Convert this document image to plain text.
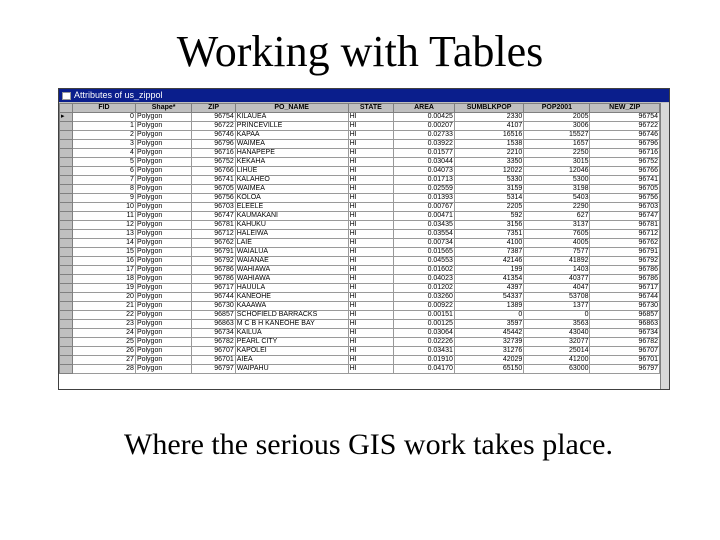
Working with Tables
Attributes of us_zippol
	FID	Shape*	ZIP	PO_NAME	STATE	AREA	SUMBLKPOP	POP2001	NEW_ZIP
▸	0	Polygon	96754	KILAUEA	HI	0.00425	2330	2005	96754
	1	Polygon	96722	PRINCEVILLE	HI	0.00207	4107	3006	96722
	2	Polygon	96746	KAPAA	HI	0.02733	16516	15527	96746
	3	Polygon	96796	WAIMEA	HI	0.03922	1538	1657	96796
	4	Polygon	96716	HANAPEPE	HI	0.01577	2210	2250	96716
	5	Polygon	96752	KEKAHA	HI	0.03044	3350	3015	96752
	6	Polygon	96766	LIHUE	HI	0.04073	12022	12046	96766
	7	Polygon	96741	KALAHEO	HI	0.01713	5330	5300	96741
	8	Polygon	96705	WAIMEA	HI	0.02559	3159	3198	96705
	9	Polygon	96756	KOLOA	HI	0.01393	5314	5403	96756
	10	Polygon	96703	ELEELE	HI	0.00767	2205	2290	96703
	11	Polygon	96747	KAUMAKANI	HI	0.00471	592	627	96747
	12	Polygon	96781	KAHUKU	HI	0.03435	3156	3137	96781
	13	Polygon	96712	HALEIWA	HI	0.03554	7351	7605	96712
	14	Polygon	96762	LAIE	HI	0.00734	4100	4005	96762
	15	Polygon	96791	WAIALUA	HI	0.01565	7387	7577	96791
	16	Polygon	96792	WAIANAE	HI	0.04553	42146	41892	96792
	17	Polygon	96786	WAHIAWA	HI	0.01602	199	1403	96786
	18	Polygon	96786	WAHIAWA	HI	0.04023	41354	40377	96786
	19	Polygon	96717	HAUULA	HI	0.01202	4397	4047	96717
	20	Polygon	96744	KANEOHE	HI	0.03260	54337	53708	96744
	21	Polygon	96730	KAAAWA	HI	0.00922	1389	1377	96730
	22	Polygon	96857	SCHOFIELD BARRACKS	HI	0.00151	0	0	96857
	23	Polygon	96863	M C B H KANEOHE BAY	HI	0.00125	3597	3563	96863
	24	Polygon	96734	KAILUA	HI	0.03064	45442	43040	96734
	25	Polygon	96782	PEARL CITY	HI	0.02226	32739	32077	96782
	26	Polygon	96707	KAPOLEI	HI	0.03431	31276	25014	96707
	27	Polygon	96701	AIEA	HI	0.01910	42029	41200	96701
	28	Polygon	96797	WAIPAHU	HI	0.04170	65150	63000	96797
Where the serious GIS work takes place.
